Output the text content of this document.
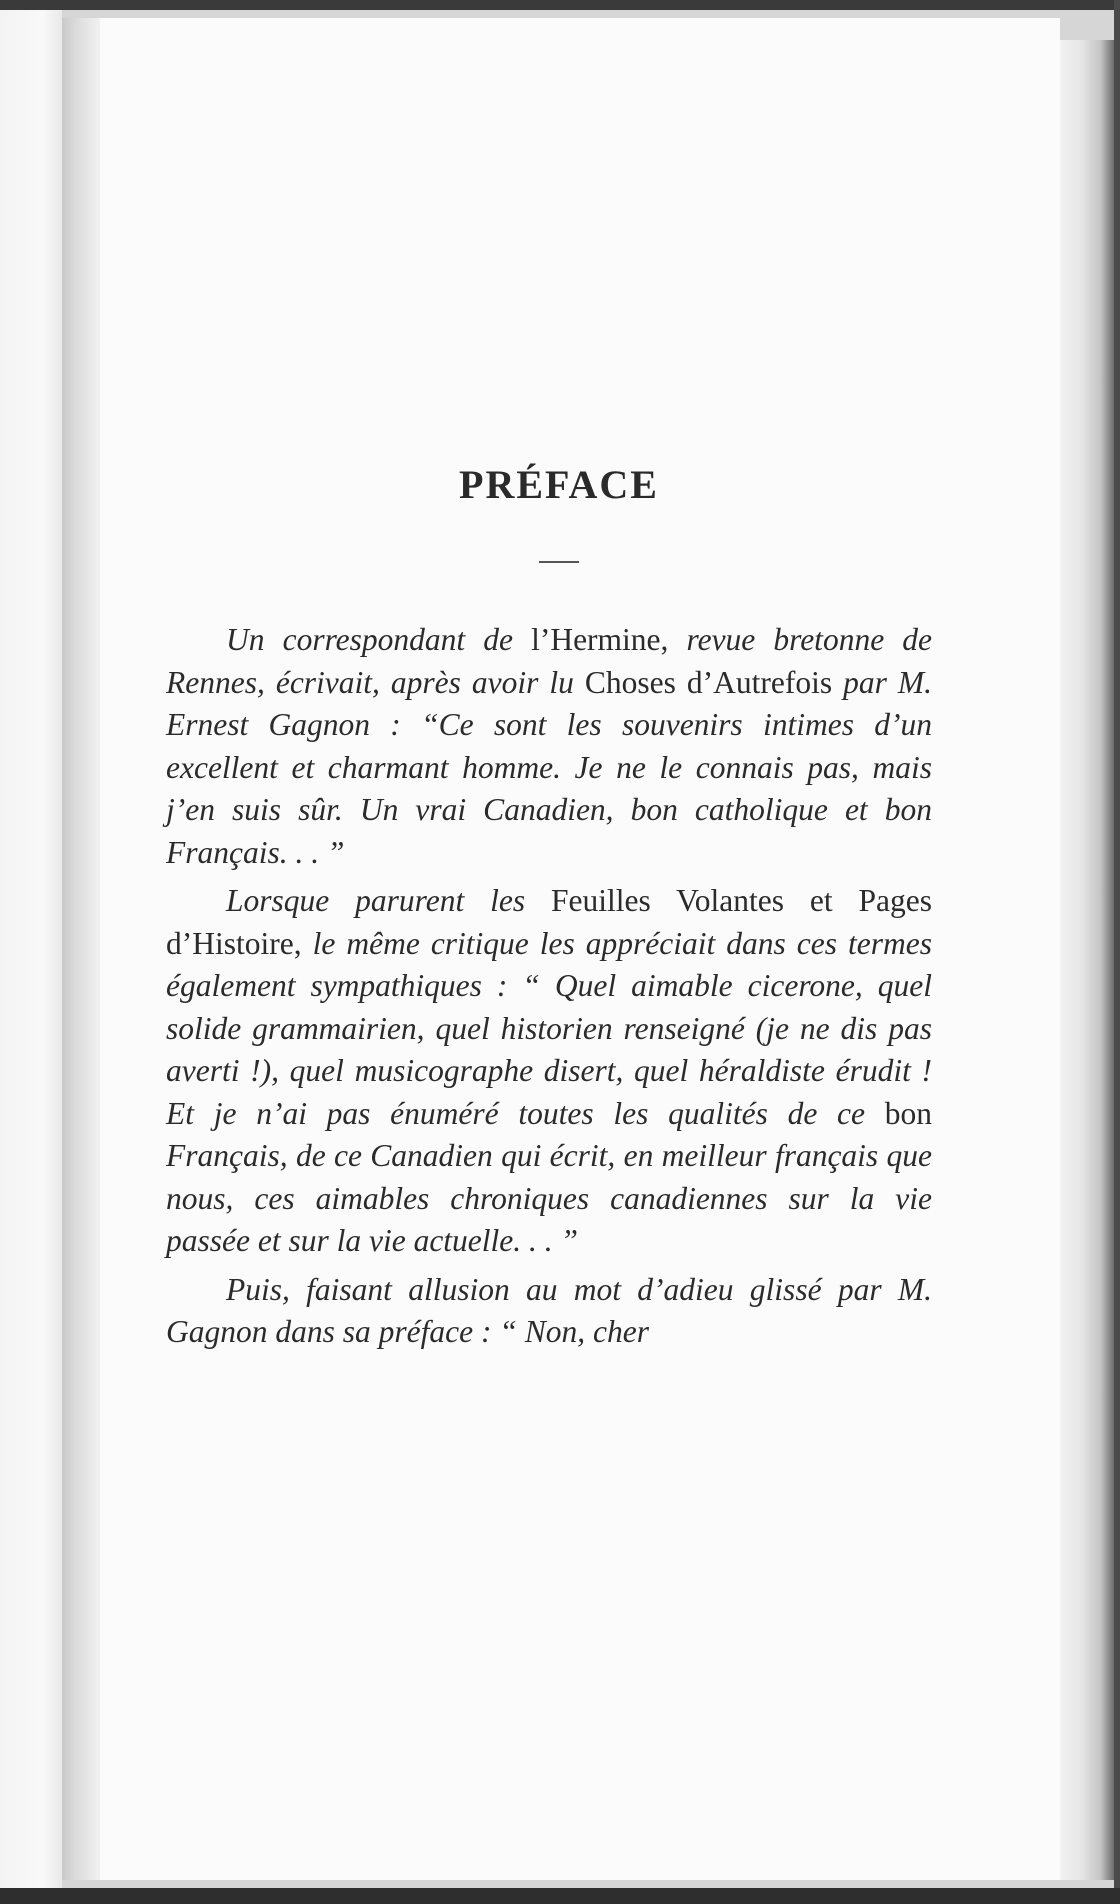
PRÉFACE

Un correspondant de l’Hermine, revue bretonne de Rennes, écrivait, après avoir lu Choses d’Autrefois par M. Ernest Gagnon : “Ce sont les souvenirs intimes d’un excellent et charmant homme. Je ne le connais pas, mais j’en suis sûr. Un vrai Canadien, bon catholique et bon Français. . . ”

Lorsque parurent les Feuilles Volantes et Pages d’Histoire, le même critique les appréciait dans ces termes également sympathiques : “ Quel aimable cicerone, quel solide grammairien, quel historien renseigné (je ne dis pas averti !), quel musicographe disert, quel héraldiste érudit ! Et je n’ai pas énuméré toutes les qualités de ce bon Français, de ce Canadien qui écrit, en meilleur français que nous, ces aimables chroniques canadiennes sur la vie passée et sur la vie actuelle. . . ”

Puis, faisant allusion au mot d’adieu glissé par M. Gagnon dans sa préface : “ Non, cher
